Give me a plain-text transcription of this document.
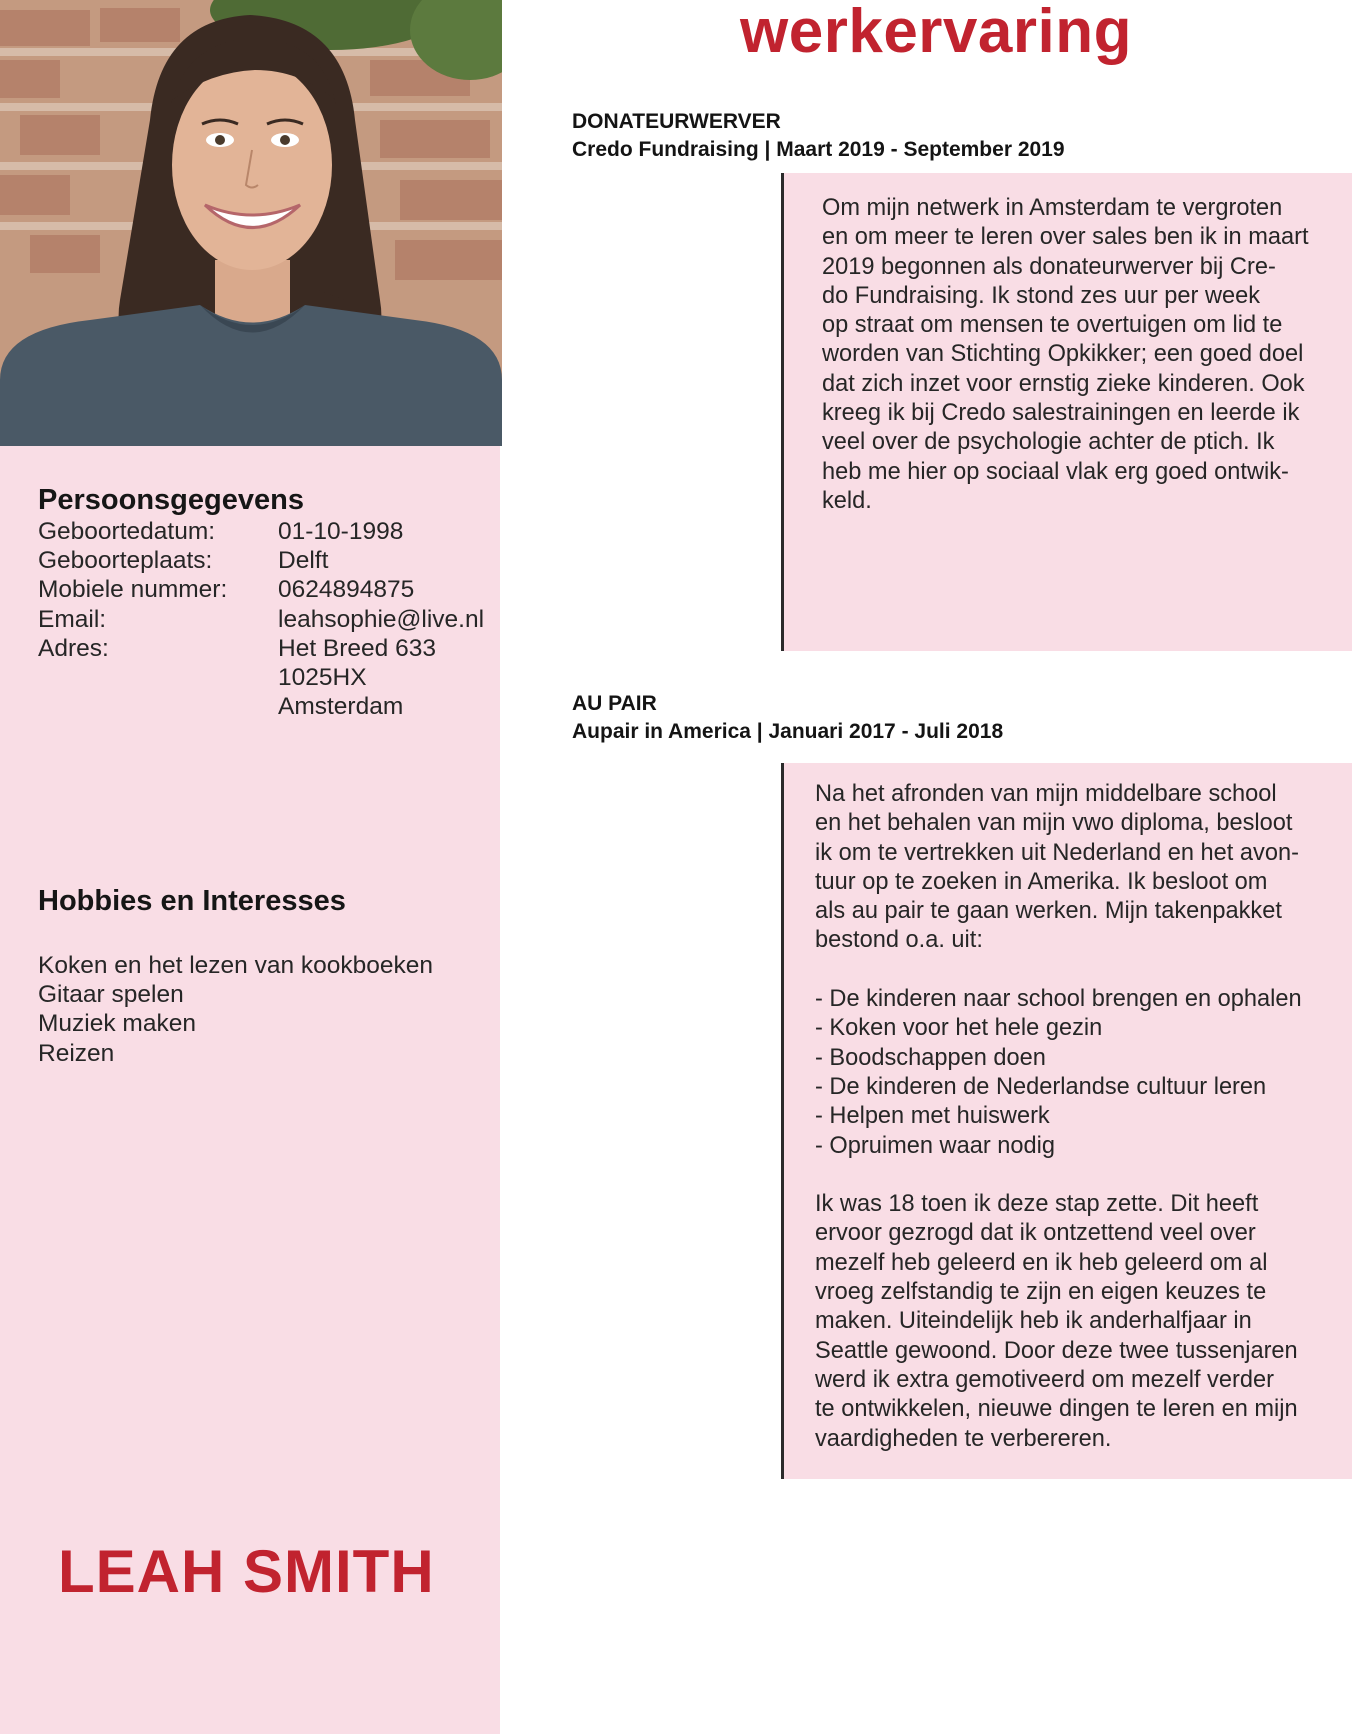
Persoonsgegevens
Geboortedatum:	01-10-1998
Geboorteplaats:	Delft
Mobiele nummer:	0624894875
Email:	leahsophie@live.nl
Adres:	Het Breed 633
1025HX
Amsterdam
Hobbies en Interesses
Koken en het lezen van kookboeken
Gitaar spelen
Muziek maken
Reizen
LEAH SMITH
werkervaring
DONATEURWERVER
Credo Fundraising | Maart 2019 - September 2019

Om mijn netwerk in Amsterdam te vergroten
en om meer te leren over sales ben ik in maart
2019 begonnen als donateurwerver bij Cre-
do Fundraising. Ik stond zes uur per week
op straat om mensen te overtuigen om lid te
worden van Stichting Opkikker; een goed doel
dat zich inzet voor ernstig zieke kinderen. Ook
kreeg ik bij Credo salestrainingen en leerde ik
veel over de psychologie achter de ptich. Ik
heb me hier op sociaal vlak erg goed ontwik-
keld.

AU PAIR
Aupair in America | Januari 2017 - Juli 2018

Na het afronden van mijn middelbare school
en het behalen van mijn vwo diploma, besloot
ik om te vertrekken uit Nederland en het avon-
tuur op te zoeken in Amerika. Ik besloot om
als au pair te gaan werken. Mijn takenpakket
bestond o.a. uit:

- De kinderen naar school brengen en ophalen
- Koken voor het hele gezin
- Boodschappen doen
- De kinderen de Nederlandse cultuur leren
- Helpen met huiswerk
- Opruimen waar nodig

Ik was 18 toen ik deze stap zette. Dit heeft
ervoor gezrogd dat ik ontzettend veel over
mezelf heb geleerd en ik heb geleerd om al
vroeg zelfstandig te zijn en eigen keuzes te
maken. Uiteindelijk heb ik anderhalfjaar in
Seattle gewoond. Door deze twee tussenjaren
werd ik extra gemotiveerd om mezelf verder
te ontwikkelen, nieuwe dingen te leren en mijn
vaardigheden te verbereren.
